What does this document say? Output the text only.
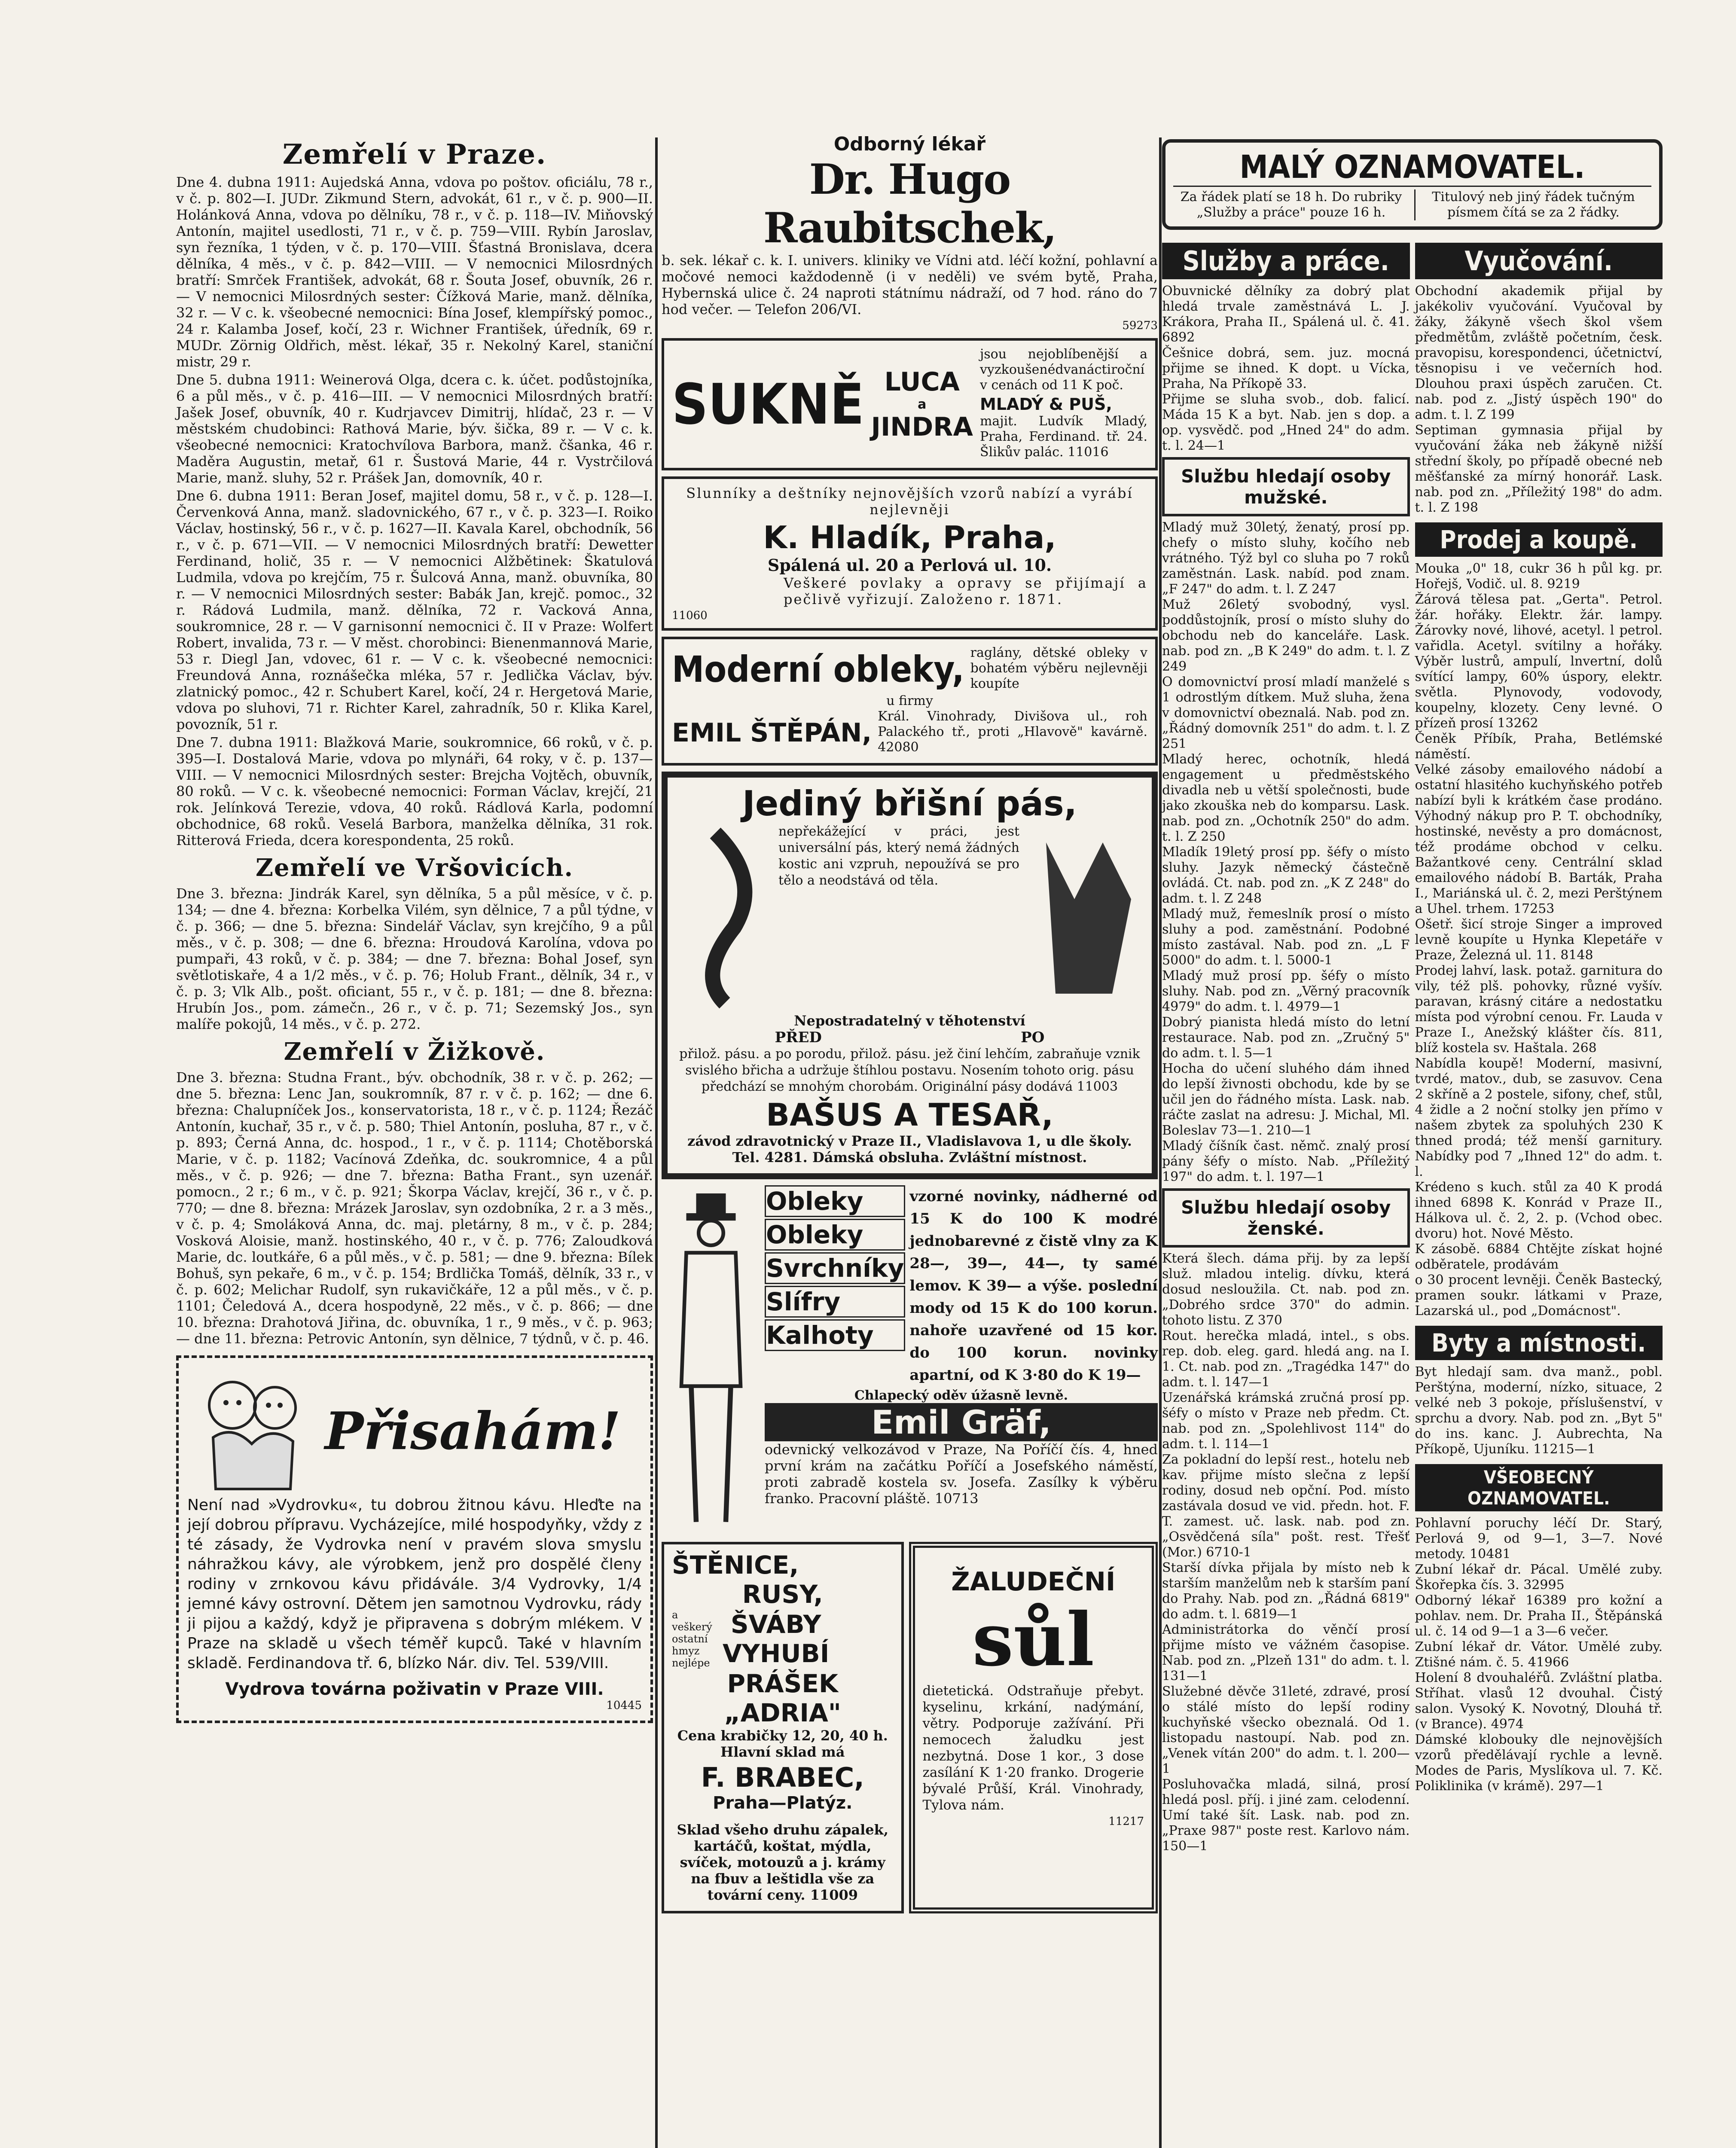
Zemřelí v Praze.

Dne 4. dubna 1911: Aujedská Anna, vdova po poštov. oficiálu, 78 r., v č. p. 802—I. JUDr. Zikmund Stern, advokát, 61 r., v č. p. 900—II. Holánková Anna, vdova po dělníku, 78 r., v č. p. 118—IV. Miňovský Antonín, majitel usedlosti, 71 r., v č. p. 759—VIII. Rybín Jaroslav, syn řezníka, 1 týden, v č. p. 170—VIII. Šťastná Bronislava, dcera dělníka, 4 měs., v č. p. 842—VIII. — V nemocnici Milosrdných bratří: Smrček František, advokát, 68 r. Šouta Josef, obuvník, 26 r. — V nemocnici Milosrdných sester: Čížková Marie, manž. dělníka, 32 r. — V c. k. všeobecné nemocnici: Bína Josef, klempířský pomoc., 24 r. Kalamba Josef, kočí, 23 r. Wichner František, úředník, 69 r. MUDr. Zörnig Oldřich, měst. lékař, 35 r. Nekolný Karel, staniční mistr, 29 r.

Dne 5. dubna 1911: Weinerová Olga, dcera c. k. účet. podůstojníka, 6 a půl měs., v č. p. 416—III. — V nemocnici Milosrdných bratří: Jašek Josef, obuvník, 40 r. Kudrjavcev Dimitrij, hlídač, 23 r. — V městském chudobinci: Rathová Marie, býv. šička, 89 r. — V c. k. všeobecné nemocnici: Kratochvílova Barbora, manž. čšanka, 46 r. Maděra Augustin, metař, 61 r. Šustová Marie, 44 r. Vystrčilová Marie, manž. sluhy, 52 r. Prášek Jan, domovník, 40 r.

Dne 6. dubna 1911: Beran Josef, majitel domu, 58 r., v č. p. 128—I. Červenková Anna, manž. sladovnického, 67 r., v č. p. 323—I. Roiko Václav, hostinský, 56 r., v č. p. 1627—II. Kavala Karel, obchodník, 56 r., v č. p. 671—VII. — V nemocnici Milosrdných bratří: Dewetter Ferdinand, holič, 35 r. — V nemocnici Alžbětinek: Škatulová Ludmila, vdova po krejčím, 75 r. Šulcová Anna, manž. obuvníka, 80 r. — V nemocnici Milosrdných sester: Babák Jan, krejč. pomoc., 32 r. Rádová Ludmila, manž. dělníka, 72 r. Vacková Anna, soukromnice, 28 r. — V garnisonní nemocnici č. II v Praze: Wolfert Robert, invalida, 73 r. — V měst. chorobinci: Bienenmannová Marie, 53 r. Diegl Jan, vdovec, 61 r. — V c. k. všeobecné nemocnici: Freundová Anna, roznášečka mléka, 57 r. Jedlička Václav, býv. zlatnický pomoc., 42 r. Schubert Karel, kočí, 24 r. Hergetová Marie, vdova po sluhovi, 71 r. Richter Karel, zahradník, 50 r. Klika Karel, povozník, 51 r.

Dne 7. dubna 1911: Blažková Marie, soukromnice, 66 roků, v č. p. 395—I. Dostalová Marie, vdova po mlynáři, 64 roky, v č. p. 137—VIII. — V nemocnici Milosrdných sester: Brejcha Vojtěch, obuvník, 80 roků. — V c. k. všeobecné nemocnici: Forman Václav, krejčí, 21 rok. Jelínková Terezie, vdova, 40 roků. Rádlová Karla, podomní obchodnice, 68 roků. Veselá Barbora, manželka dělníka, 31 rok. Ritterová Frieda, dcera korespondenta, 25 roků.

Zemřelí ve Vršovicích.

Dne 3. března: Jindrák Karel, syn dělníka, 5 a půl měsíce, v č. p. 134; — dne 4. března: Korbelka Vilém, syn dělnice, 7 a půl týdne, v č. p. 366; — dne 5. března: Sindelář Václav, syn krejčího, 9 a půl měs., v č. p. 308; — dne 6. března: Hroudová Karolína, vdova po pumpaři, 43 roků, v č. p. 384; — dne 7. března: Bohal Josef, syn světlotiskaře, 4 a 1/2 měs., v č. p. 76; Holub Frant., dělník, 34 r., v č. p. 3; Vlk Alb., pošt. oficiant, 55 r., v č. p. 181; — dne 8. března: Hrubín Jos., pom. zámečn., 26 r., v č. p. 71; Sezemský Jos., syn malíře pokojů, 14 měs., v č. p. 272.

Zemřelí v Žižkově.

Dne 3. března: Studna Frant., býv. obchodník, 38 r. v č. p. 262; — dne 5. března: Lenc Jan, soukromník, 87 r. v č. p. 162; — dne 6. března: Chalupníček Jos., konservatorista, 18 r., v č. p. 1124; Řezáč Antonín, kuchař, 35 r., v č. p. 580; Thiel Antonín, posluha, 87 r., v č. p. 893; Černá Anna, dc. hospod., 1 r., v č. p. 1114; Chotěborská Marie, v č. p. 1182; Vacínová Zdeňka, dc. soukromnice, 4 a půl měs., v č. p. 926; — dne 7. března: Batha Frant., syn uzenář. pomocn., 2 r.; 6 m., v č. p. 921; Škorpa Václav, krejčí, 36 r., v č. p. 770; — dne 8. března: Mrázek Jaroslav, syn ozdobníka, 2 r. a 3 měs., v č. p. 4; Smoláková Anna, dc. maj. pletárny, 8 m., v č. p. 284; Vosková Aloisie, manž. hostinského, 40 r., v č. p. 776; Zaloudková Marie, dc. loutkáře, 6 a půl měs., v č. p. 581; — dne 9. března: Bílek Bohuš, syn pekaře, 6 m., v č. p. 154; Brdlička Tomáš, dělník, 33 r., v č. p. 602; Melichar Rudolf, syn rukavičkáře, 12 a půl měs., v č. p. 1101; Čeledová A., dcera hospodyně, 22 měs., v č. p. 866; — dne 10. března: Drahotová Jiřina, dc. obuvníka, 1 r., 9 měs., v č. p. 963; — dne 11. března: Petrovic Antonín, syn dělnice, 7 týdnů, v č. p. 46.

Přisahám!

Není nad »Vydrovku«, tu dobrou žitnou kávu. Hleďte na její dobrou přípravu. Vycházejíce, milé hospodyňky, vždy z té zásady, že Vydrovka není v pravém slova smyslu náhražkou kávy, ale výrobkem, jenž pro dospělé členy rodiny v zrnkovou kávu přidávále. 3/4 Vydrovky, 1/4 jemné kávy ostrovní. Dětem jen samotnou Vydrovku, rády ji pijou a každý, když je připravena s dobrým mlékem. V Praze na skladě u všech téměř kupců. Také v hlavním skladě. Ferdinandova tř. 6, blízko Nár. div. Tel. 539/VIII.

Vydrova továrna poživatin v Praze VIII.
10445
Odborný lékař
Dr. Hugo Raubitschek,

b. sek. lékař c. k. I. univers. kliniky ve Vídni atd. léčí kožní, pohlavní a močové nemoci každodenně (i v neděli) ve svém bytě, Praha, Hybernská ulice č. 24 naproti státnímu nádraží, od 7 hod. ráno do 7 hod večer. — Telefon 206/VI.

59273
SUKNĚ LUCA
a
JINDRA

jsou nejoblíbenější a vyzkoušenédvanáctiroční v cenách od 11 K poč.

MLADÝ & PUŠ,

majit. Ludvík Mladý, Praha, Ferdinand. tř. 24. Šlikův palác. 11016

Slunníky a deštníky nejnovějších vzorů nabízí a vyrábí nejlevněji

K. Hladík, Praha,
Spálená ul. 20 a Perlová ul. 10.

Veškeré povlaky a opravy se přijímají a pečlivě vyřizují. Založeno r. 1871.

11060
Moderní obleky, raglány, dětské obleky v bohatém výběru nejlevněji koupíte

u firmy
EMIL ŠTĚPÁN,

Král. Vinohrady, Divišova ul., roh Palackého tř., proti „Hlavově" kavárně. 42080

Jediný břišní pás,

nepřekážející v práci, jest universální pás, který nemá žádných kostic ani vzpruh, nepoužívá se pro tělo a neodstává od těla.

Nepostradatelný v těhotenství
PŘED	PO

přilož. pásu. a po porodu, přilož. pásu. jež činí lehčím, zabraňuje vznik svislého břicha a udržuje štíhlou postavu. Nosením tohoto orig. pásu předchází se mnohým chorobám. Originální pásy dodává 11003

BAŠUS A TESAŘ,

závod zdravotnický v Praze II., Vladislavova 1, u dle školy. Tel. 4281. Dámská obsluha. Zvláštní místnost.

Obleky
Obleky
Svrchníky
Slífry
Kalhoty

vzorné novinky, nádherné od 15 K do 100 K modré jednobarevné z čistě vlny za K 28—, 39—, 44—, ty samé lemov. K 39— a výše. poslední mody od 15 K do 100 korun. nahoře uzavřené od 15 kor. do 100 korun. novinky apartní, od K 3·80 do K 19—

Chlapecký oděv úžasně levně.
Emil Gräf,

odevnický velkozávod v Praze, Na Poříčí čís. 4, hned první krám na začátku Poříčí a Josefského náměstí, proti zabradě kostela sv. Josefa. Zasílky k výběru franko. Pracovní pláště. 10713

ŠTĚNICE,
RUSY,
a veškerý ostatní hmyz nejlépe
ŠVÁBY
VYHUBÍ
PRÁŠEK
„ADRIA"

Cena krabičky 12, 20, 40 h. Hlavní sklad má

F. BRABEC,
Praha—Platýz.

Sklad všeho druhu zápalek, kartáčů, koštat, mýdla, svíček, motouzů a j. krámy na fbuv a leštidla vše za tovární ceny. 11009

ŽALUDEČNÍ
sůl

dietetická. Odstraňuje přebyt. kyselinu, krkání, nadýmání, větry. Podporuje zažívání. Při nemocech žaludku jest nezbytná. Dose 1 kor., 3 dose zasílání K 1·20 franko. Drogerie bývalé Průší, Král. Vinohrady, Tylova nám.

11217
MALÝ OZNAMOVATEL.
Za řádek platí se 18 h. Do rubriky „Služby a práce" pouze 16 h.
Titulový neb jiný řádek tučným písmem čítá se za 2 řádky.
Služby a práce.

Obuvnické dělníky za dobrý plat hledá trvale zaměstnává L. J. Krákora, Praha II., Spálená ul. č. 41. 6892
Češnice dobrá, sem. juz. mocná přijme se ihned. K dopt. u Vícka, Praha, Na Příkopě 33.
Přijme se sluha svob., dob. falicí. Máda 15 K a byt. Nab. jen s dop. a op. vysvědč. pod „Hned 24" do adm. t. l. 24—1

Službu hledají osoby mužské.

Mladý muž 30letý, ženatý, prosí pp. chefy o místo sluhy, kočího neb vrátného. Týž byl co sluha po 7 roků zaměstnán. Lask. nabíd. pod znam. „F 247" do adm. t. l. Z 247
Muž 26letý svobodný, vysl. poddůstojník, prosí o místo sluhy do obchodu neb do kanceláře. Lask. nab. pod zn. „B K 249" do adm. t. l. Z 249
O domovnictví prosí mladí manželé s 1 odrostlým dítkem. Muž sluha, žena v domovnictví obeznalá. Nab. pod zn. „Řádný domovník 251" do adm. t. l. Z 251
Mladý herec, ochotník, hledá engagement u předměstského divadla neb u větší společnosti, bude jako zkouška neb do komparsu. Lask. nab. pod zn. „Ochotník 250" do adm. t. l. Z 250
Mladík 19letý prosí pp. šéfy o místo sluhy. Jazyk německý částečně ovládá. Ct. nab. pod zn. „K Z 248" do adm. t. l. Z 248
Mladý muž, řemeslník prosí o místo sluhy a pod. zaměstnání. Podobné místo zastával. Nab. pod zn. „L F 5000" do adm. t. l. 5000-1
Mladý muž prosí pp. šéfy o místo sluhy. Nab. pod zn. „Věrný pracovník 4979" do adm. t. l. 4979—1
Dobrý pianista hledá místo do letní restaurace. Nab. pod zn. „Zručný 5" do adm. t. l. 5—1
Hocha do učení sluhého dám ihned do lepší živnosti obchodu, kde by se učil jen do řádného místa. Lask. nab. ráčte zaslat na adresu: J. Michal, Ml. Boleslav 73—1. 210—1
Mladý číšník čast. němč. znalý prosí pány šéfy o místo. Nab. „Příležitý 197" do adm. t. l. 197—1

Službu hledají osoby ženské.

Která šlech. dáma přij. by za lepší služ. mladou intelig. dívku, která dosud nesloužila. Ct. nab. pod zn. „Dobrého srdce 370" do admin. tohoto listu. Z 370
Rout. herečka mladá, intel., s obs. rep. dob. eleg. gard. hledá ang. na I. 1. Ct. nab. pod zn. „Tragédka 147" do adm. t. l. 147—1
Uzenářská krámská zručná prosí pp. šéfy o místo v Praze neb předm. Ct. nab. pod zn. „Spolehlivost 114" do adm. t. l. 114—1
Za pokladní do lepší rest., hotelu neb kav. přijme místo slečna z lepší rodiny, dosud neb opční. Pod. místo zastávala dosud ve vid. předn. hot. F. T. zamest. uč. lask. nab. pod zn. „Osvědčená síla" pošt. rest. Třešť (Mor.) 6710-1
Starší dívka přijala by místo neb k starším manželům neb k starším paní do Prahy. Nab. pod zn. „Řádná 6819" do adm. t. l. 6819—1
Administrátorka do věnčí prosí přijme místo ve vážném časopise. Nab. pod zn. „Plzeň 131" do adm. t. l. 131—1
Služebné děvče 31leté, zdravé, prosí o stálé místo do lepší rodiny kuchyňské všecko obeznalá. Od 1. listopadu nastoupí. Nab. pod zn. „Venek vítán 200" do adm. t. l. 200—1
Posluhovačka mladá, silná, prosí hledá posl. příj. i jiné zam. celodenní. Umí také šít. Lask. nab. pod zn. „Praxe 987" poste rest. Karlovo nám. 150—1

Vyučování.

Obchodní akademik přijal by jakékoliv vyučování. Vyučoval by žáky, žákyně všech škol všem předmětům, zvláště početním, česk. pravopisu, korespondenci, účetnictví, těsnopisu i ve večerních hod. Dlouhou praxi úspěch zaručen. Ct. nab. pod z. „Jistý úspěch 190" do adm. t. l. Z 199
Septiman gymnasia přijal by vyučování žáka neb žákyně nižší střední školy, po případě obecné neb měšťanské za mírný honorář. Lask. nab. pod zn. „Příležitý 198" do adm. t. l. Z 198

Prodej a koupě.

Mouka „0" 18, cukr 36 h půl kg. pr. Hořejš, Vodič. ul. 8. 9219
Žárová tělesa pat. „Gerta". Petrol. žár. hořáky. Elektr. žár. lampy. Žárovky nové, lihové, acetyl. l petrol. vařidla. Acetyl. svítilny a hořáky. Výběr lustrů, ampulí, lnvertní, dolů svítící lampy, 60% úspory, elektr. světla. Plynovody, vodovody, koupelny, klozety. Ceny levné. O přízeň prosí 13262
Čeněk Příbík, Praha, Betlémské náměstí.
Velké zásoby emailového nádobí a ostatní hlasitého kuchyňského potřeb nabízí byli k krátkém čase prodáno. Výhodný nákup pro P. T. obchodníky, hostinské, nevěsty a pro domácnost, též prodáme obchod v celku. Bažantkové ceny. Centrální sklad emailového nádobí B. Barták, Praha I., Mariánská ul. č. 2, mezi Perštýnem a Uhel. trhem. 17253
Ošetř. šicí stroje Singer a improved levně koupíte u Hynka Klepetáře v Praze, Železná ul. 11. 8148
Prodej lahví, lask. potaž. garnitura do vily, též plš. pohovky, různé vyšív. paravan, krásný citáre a nedostatku místa pod výrobní cenou. Fr. Lauda v Praze I., Anežský klášter čís. 811, blíž kostela sv. Haštala. 268
Nabídla koupě! Moderní, masivní, tvrdé, matov., dub, se zasuvov. Cena 2 skříně a 2 postele, sifony, chef, stůl, 4 židle a 2 noční stolky jen přímo v našem zbytek za spoluhých 230 K thned prodá; též menší garnitury. Nabídky pod 7 „Ihned 12" do adm. t. l.
Krédeno s kuch. stůl za 40 K prodá ihned 6898 K. Konrád v Praze II., Hálkova ul. č. 2, 2. p. (Vchod obec. dvoru) hot. Nové Město.
K zásobě. 6884 Chtějte získat hojné odběratele, prodávám
o 30 procent levněji. Čeněk Bastecký, pramen soukr. látkami v Praze, Lazarská ul., pod „Domácnost".

Byty a místnosti.

Byt hledají sam. dva manž., pobl. Perštýna, moderní, nízko, situace, 2 velké neb 3 pokoje, příslušenství, v sprchu a dvory. Nab. pod zn. „Byt 5" do ins. kanc. J. Aubrechta, Na Příkopě, Ujuníku. 11215—1

VŠEOBECNÝ OZNAMOVATEL.

Pohlavní poruchy léčí Dr. Starý, Perlová 9, od 9—1, 3—7. Nové metody. 10481
Zubní lékař dr. Pácal. Umělé zuby. Škořepka čís. 3. 32995
Odborný lékař 16389 pro kožní a pohlav. nem. Dr. Praha II., Štěpánská ul. č. 14 od 9—1 a 3—6 večer.
Zubní lékař dr. Vátor. Umělé zuby. Ztišné nám. č. 5. 41966
Holení 8 dvouhaléřů. Zvláštní platba. Stříhat. vlasů 12 dvouhal. Čistý salon. Vysoký K. Novotný, Dlouhá tř. (v Brance). 4974
Dámské klobouky dle nejnovějších vzorů předělávají rychle a levně. Modes de Paris, Myslíkova ul. 7. Kč. Poliklinika (v krámě). 297—1
